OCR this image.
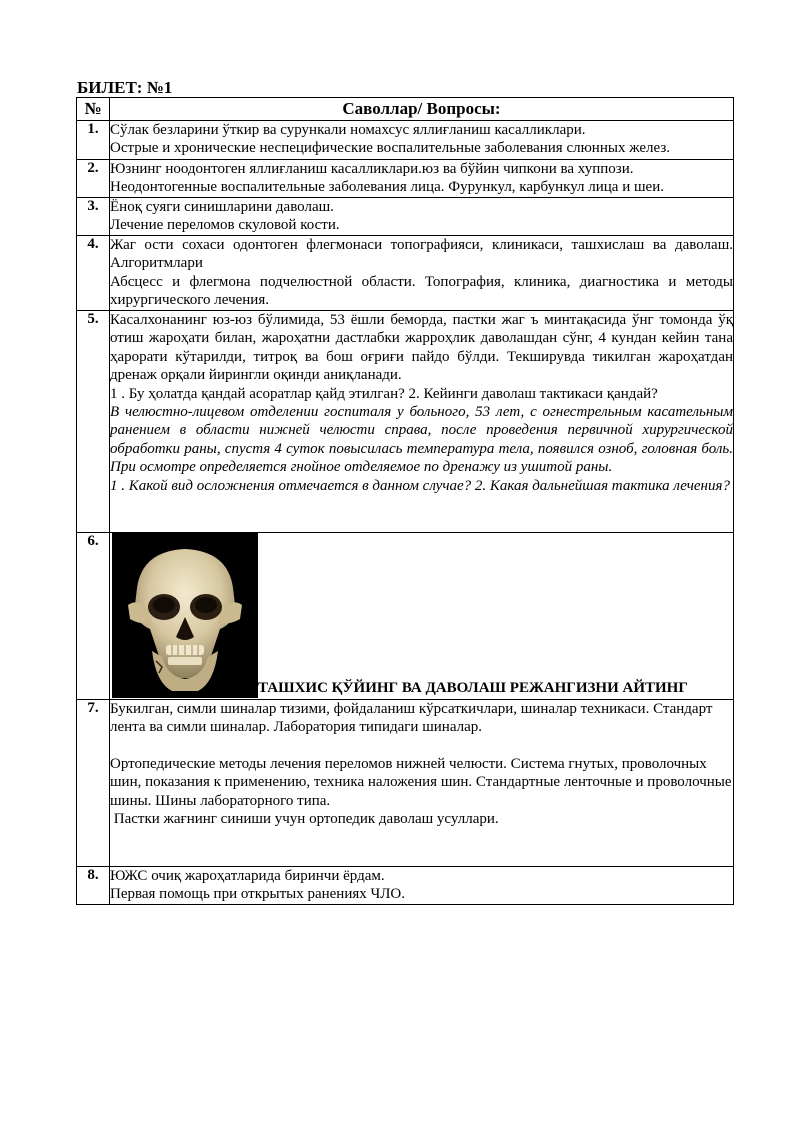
БИЛЕТ: №1
№	Саволлар/ Вопросы:
1.	Сўлак безларини ўткир ва сурункали номахсус яллиғланиш касалликлари.

Острые и хронические неспецифические воспалительные заболевания слюнных желез.

2.	Юзнинг ноодонтоген яллиғланиш касалликлари.юз ва бўйин чипкони ва хуппози.

Неодонтогенные воспалительные заболевания лица. Фурункул, карбункул лица и шеи.

3.	Ёноқ суяги синишларини даволаш.

Лечение переломов скуловой кости.

4.	Жаг ости сохаси одонтоген флегмонаси топографияси, клиникаси, ташхислаш ва даволаш. Алгоритмлари

Абсцесс и флегмона подчелюстной области. Топография, клиника, диагностика и методы хирургического лечения.

5.	Касалхонанинг юз-юз бўлимида, 53 ёшли беморда, пастки жаг ъ минтақасида ўнг томонда ўқ отиш жароҳати билан, жароҳатни дастлабки жарроҳлик даволашдан сўнг, 4 кундан кейин тана ҳарорати кўтарилди, титроқ ва бош оғриғи пайдо бўлди. Текширувда тикилган жароҳатдан дренаж орқали йирингли оқинди аниқланади.

1 . Бу ҳолатда қандай асоратлар қайд этилган? 2. Кейинги даволаш тактикаси қандай?

В челюстно-лицевом отделении госпиталя у больного, 53 лет, с огнестрельным касательным ранением в области нижней челюсти справа, после проведения первичной хирургической обработки раны, спустя 4 суток повысилась температура тела, появился озноб, головная боль. При осмотре определяется гнойное отделяемое по дренажу из ушитой раны.

1 . Какой вид осложнения отмечается в данном случае? 2. Какая дальнейшая тактика лечения?

6.	ТАШХИС ҚЎЙИНГ ВА ДАВОЛАШ РЕЖАНГИЗНИ АЙТИНГ

7.	Букилган, симли шиналар тизими, фойдаланиш кўрсаткичлари, шиналар техникаси. Стандарт лента ва симли шиналар. Лаборатория типидаги шиналар.

Ортопедические методы лечения переломов нижней челюсти. Система гнутых, проволочных шин, показания к применению, техника наложения шин. Стандартные ленточные и проволочные шины. Шины лабораторного типа.

Пастки жағнинг синиши учун ортопедик даволаш усуллари.

8.	ЮЖС очиқ жароҳатларида биринчи ёрдам.

Первая помощь при открытых ранениях ЧЛО.
